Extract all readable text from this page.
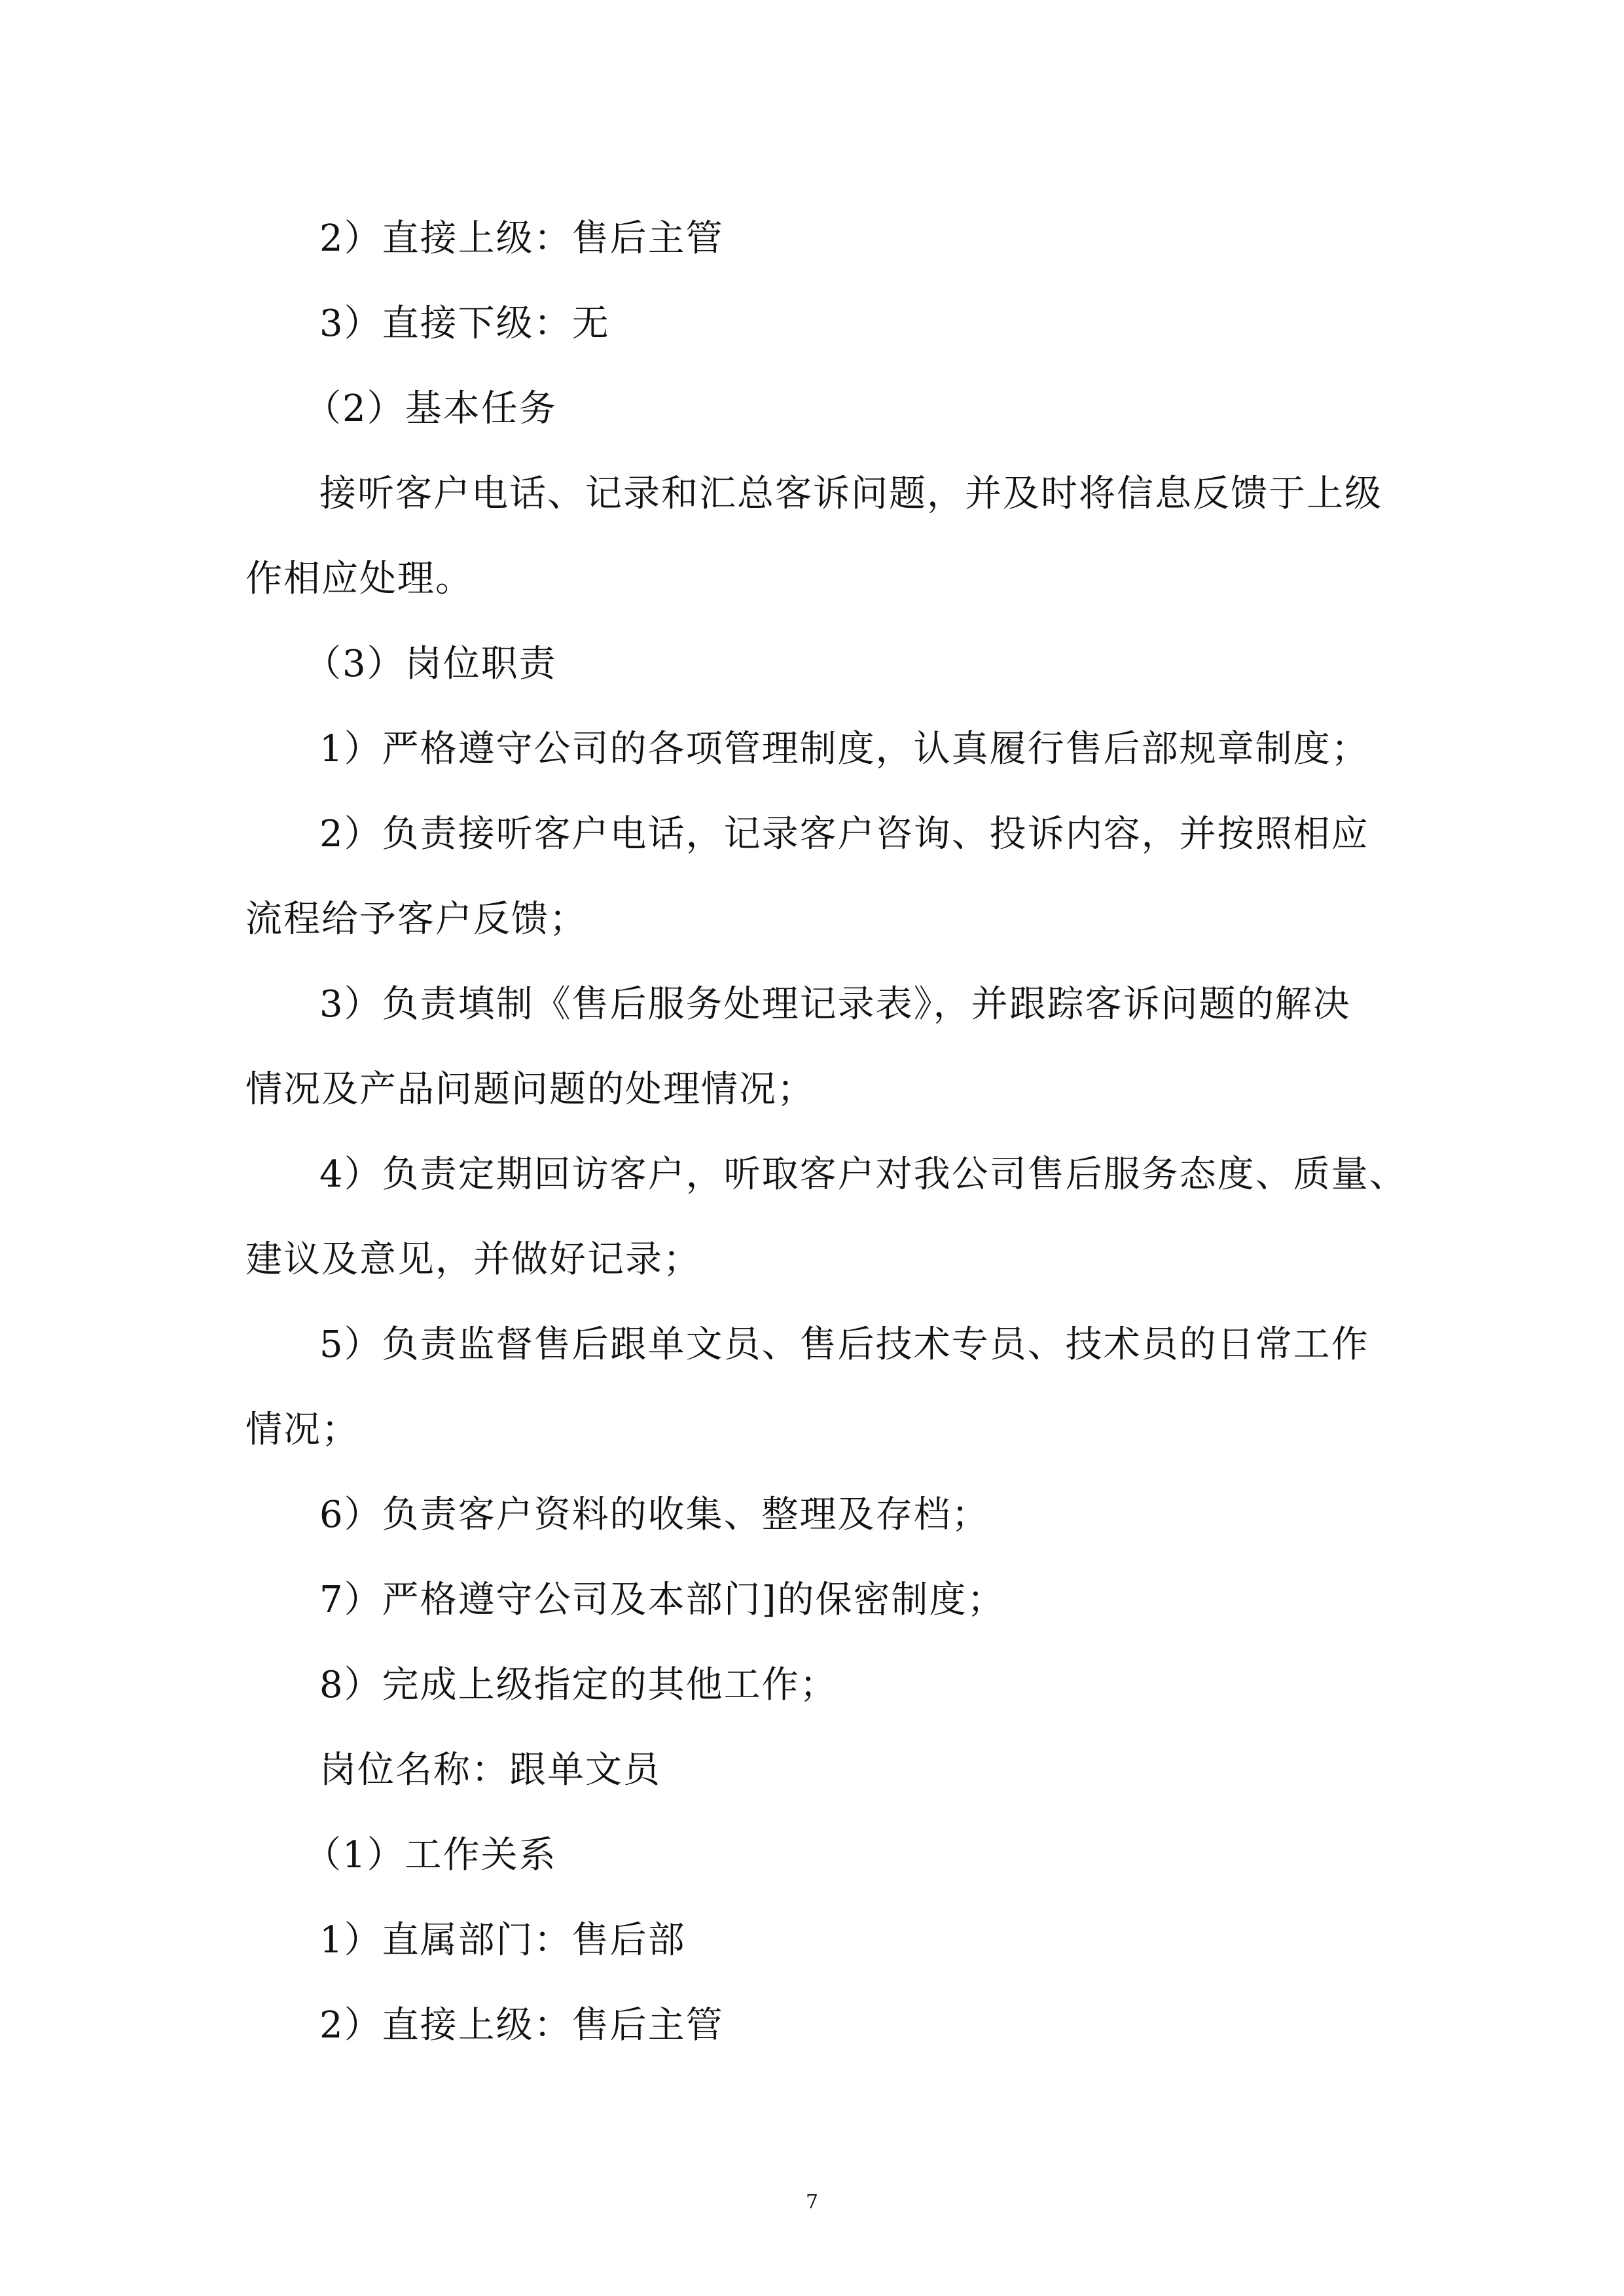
2）直接上级：售后主管
3）直接下级：无
（2）基本任务
接听客户电话、记录和汇总客诉问题，并及时将信息反馈于上级
作相应处理。
（3）岗位职责
1）严格遵守公司的各项管理制度，认真履行售后部规章制度；
2）负责接听客户电话，记录客户咨询、投诉内容，并按照相应
流程给予客户反馈；
3）负责填制《售后服务处理记录表》，并跟踪客诉问题的解决
情况及产品问题问题的处理情况；
4）负责定期回访客户，听取客户对我公司售后服务态度、质量、
建议及意见，并做好记录；
5）负责监督售后跟单文员、售后技术专员、技术员的日常工作
情况；
6）负责客户资料的收集、整理及存档；
7）严格遵守公司及本部门]的保密制度；
8）完成上级指定的其他工作；
岗位名称：跟单文员
（1）工作关系
1）直属部门：售后部
2）直接上级：售后主管
7
